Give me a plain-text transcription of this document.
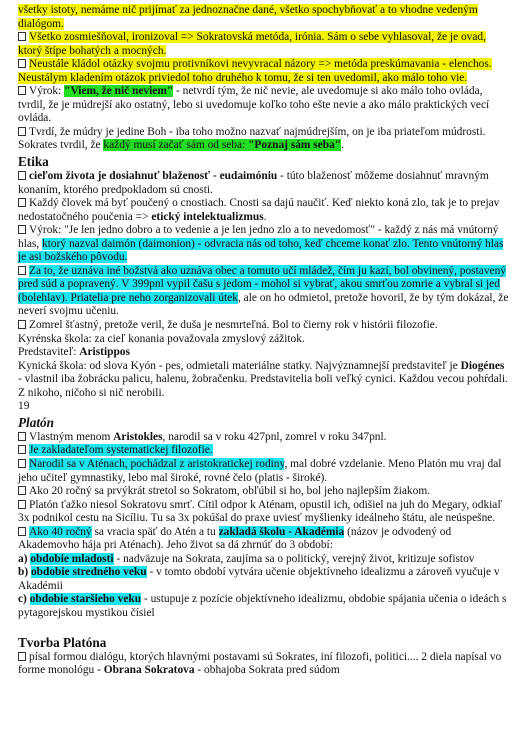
všetky istoty, nemáme nič prijímať za jednoznačne dané, všetko spochybňovať a to vhodne vedeným dialógom.

Všetko zosmiešňoval, ironizoval => Sokratovská metóda, irónia. Sám o sebe vyhlasoval, že je ovad, ktorý štípe bohatých a mocných.

Neustále kládol otázky svojmu protivníkovi nevyvracal názory => metóda preskúmavania - elenchos. Neustálym kladením otázok priviedol toho druhého k tomu, že si ten uvedomil, ako málo toho vie.

Výrok: "Viem, že nič neviem" - netvrdí tým, že nič nevie, ale uvedomuje si ako málo toho ovláda, tvrdil, že je múdrejší ako ostatný, lebo si uvedomuje koľko toho ešte nevie a ako málo praktických vecí ovláda.

Tvrdí, že múdry je jedine Boh - iba toho možno nazvať najmúdrejším, on je iba priateľom múdrosti. Sokrates tvrdil, že každý musí začať sám od seba: "Poznaj sám seba".

Etika

cieľom života je dosiahnuť blaženosť - eudaimóniu - túto blaženosť môžeme dosiahnuť mravným konaním, ktorého predpokladom sú cnosti.

Každý človek má byť poučený o cnostiach. Cnosti sa dajú naučiť. Keď niekto koná zlo, tak je to prejav nedostatočného poučenia => etický intelektualizmus.

Výrok: "Je len jedno dobro a to vedenie a je len jedno zlo a to nevedomosť" - každý z nás má vnútorný hlas, ktorý nazval daimón (daimonion) - odvracia nás od toho, keď chceme konať zlo. Tento vnútorný hlas je asi božského pôvodu.

Za to, že uznáva iné božstvá ako uznáva obec a tomuto učí mládež, čím ju kazí, bol obvinený, postavený pred súd a popravený. V 399pnl vypil čašu s jedom - mohol si vybrať, akou smrťou zomrie a vybral si jed (bolehlav). Priatelia pre neho zorganizovali útek, ale on ho odmietol, pretože hovoril, že by tým dokázal, že neverí svojmu učeniu.

Zomrel šťastný, pretože veril, že duša je nesmrteľná. Bol to čierny rok v histórii filozofie.

Kyrénska škola: za cieľ konania považovala zmyslový zážitok.

Predstaviteľ: Aristippos

Kynická škola: od slova Kyón - pes, odmietali materiálne statky. Najvýznamnejší predstaviteľ je Diogénes - vlastnil iba žobrácku palicu, halenu, žobračenku. Predstavitelia boli veľký cynici. Každou vecou pohŕdali. Z nikoho, ničoho si nič nerobili.

19

Platón

Vlastným menom Aristokles, narodil sa v roku 427pnl, zomrel v roku 347pnl.

Je zakladateľom systematickej filozofie.

Narodil sa v Aténach, pochádzal z aristokratickej rodiny, mal dobré vzdelanie. Meno Platón mu vraj dal jeho učiteľ gymnastiky, lebo mal široké, rovné čelo (platis - široké).

Ako 20 ročný sa prvýkrát stretol so Sokratom, obľúbil si ho, bol jeho najlepším žiakom.

Platón ťažko niesol Sokratovu smrť. Cítil odpor k Aténam, opustil ich, odišiel na juh do Megary, odkiaľ 3x podnikol cestu na Sicíliu. Tu sa 3x pokúšal do praxe uviesť myšlienky ideálneho štátu, ale neúspešne.

Ako 40 ročný sa vracia späť do Atén a tu zakladá školu - Akadémia (názov je odvodený od Akademovho hája pri Aténach). Jeho život sa dá zhrnúť do 3 období:

a) obdobie mladosti - nadväzuje na Sokrata, zaujíma sa o politický, verejný život, kritizuje sofistov

b) obdobie stredného veku - v tomto období vytvára učenie objektívneho idealizmu a zároveň vyučuje v Akadémii

c) obdobie staršieho veku - ustupuje z pozície objektívneho idealizmu, obdobie spájania učenia o ideách s pytagorejskou mystikou čísiel

Tvorba Platóna

písal formou dialógu, ktorých hlavnými postavami sú Sokrates, iní filozofi, politici.... 2 diela napísal vo forme monológu - Obrana Sokratova - obhajoba Sokrata pred súdom
